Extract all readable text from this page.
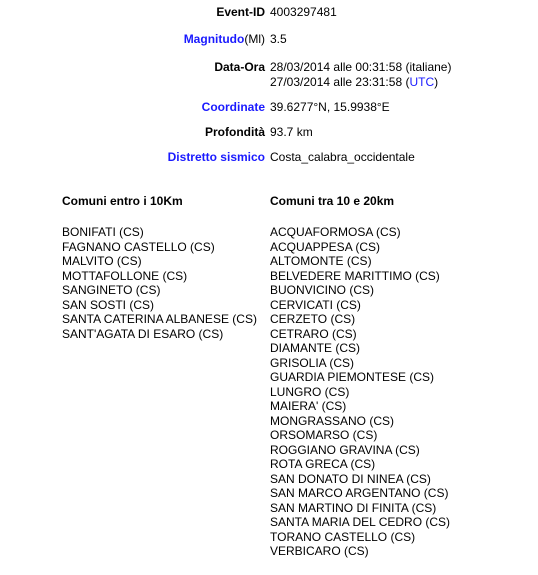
Event-ID 4003297481
Magnitudo(Ml) 3.5
Data-Ora 28/03/2014 alle 00:31:58 (italiane)
27/03/2014 alle 23:31:58 (UTC)
Coordinate 39.6277°N, 15.9938°E
Profondità 93.7 km
Distretto sismico Costa_calabra_occidentale
Comuni entro i 10Km
BONIFATI (CS)
FAGNANO CASTELLO (CS)
MALVITO (CS)
MOTTAFOLLONE (CS)
SANGINETO (CS)
SAN SOSTI (CS)
SANTA CATERINA ALBANESE (CS)
SANT'AGATA DI ESARO (CS)
Comuni tra 10 e 20km
ACQUAFORMOSA (CS)
ACQUAPPESA (CS)
ALTOMONTE (CS)
BELVEDERE MARITTIMO (CS)
BUONVICINO (CS)
CERVICATI (CS)
CERZETO (CS)
CETRARO (CS)
DIAMANTE (CS)
GRISOLIA (CS)
GUARDIA PIEMONTESE (CS)
LUNGRO (CS)
MAIERA' (CS)
MONGRASSANO (CS)
ORSOMARSO (CS)
ROGGIANO GRAVINA (CS)
ROTA GRECA (CS)
SAN DONATO DI NINEA (CS)
SAN MARCO ARGENTANO (CS)
SAN MARTINO DI FINITA (CS)
SANTA MARIA DEL CEDRO (CS)
TORANO CASTELLO (CS)
VERBICARO (CS)
